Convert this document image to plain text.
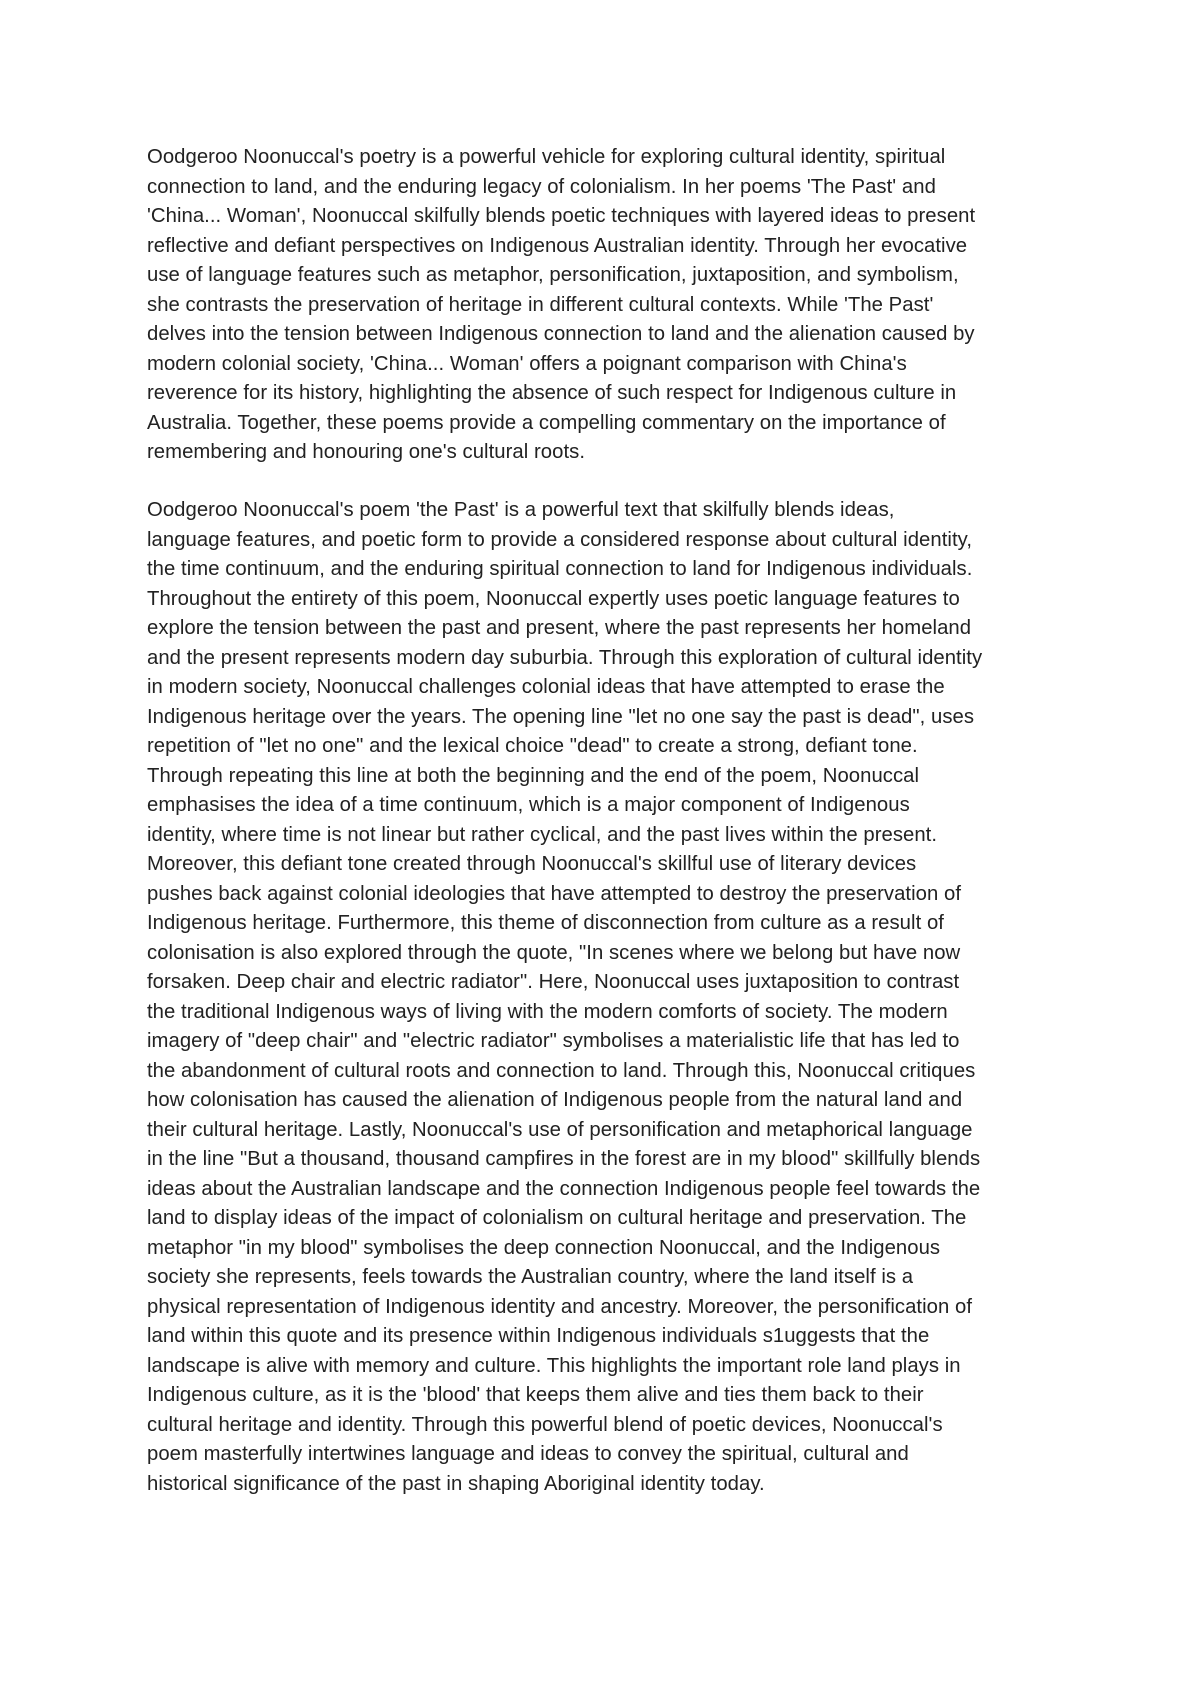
Oodgeroo Noonuccal's poetry is a powerful vehicle for exploring cultural identity, spiritual
connection to land, and the enduring legacy of colonialism. In her poems 'The Past' and
'China... Woman', Noonuccal skilfully blends poetic techniques with layered ideas to present
reflective and defiant perspectives on Indigenous Australian identity. Through her evocative
use of language features such as metaphor, personification, juxtaposition, and symbolism,
she contrasts the preservation of heritage in different cultural contexts. While 'The Past'
delves into the tension between Indigenous connection to land and the alienation caused by
modern colonial society, 'China... Woman' offers a poignant comparison with China's
reverence for its history, highlighting the absence of such respect for Indigenous culture in
Australia. Together, these poems provide a compelling commentary on the importance of
remembering and honouring one's cultural roots.
Oodgeroo Noonuccal's poem 'the Past' is a powerful text that skilfully blends ideas,
language features, and poetic form to provide a considered response about cultural identity,
the time continuum, and the enduring spiritual connection to land for Indigenous individuals.
Throughout the entirety of this poem, Noonuccal expertly uses poetic language features to
explore the tension between the past and present, where the past represents her homeland
and the present represents modern day suburbia. Through this exploration of cultural identity
in modern society, Noonuccal challenges colonial ideas that have attempted to erase the
Indigenous heritage over the years. The opening line "let no one say the past is dead", uses
repetition of "let no one" and the lexical choice "dead" to create a strong, defiant tone.
Through repeating this line at both the beginning and the end of the poem, Noonuccal
emphasises the idea of a time continuum, which is a major component of Indigenous
identity, where time is not linear but rather cyclical, and the past lives within the present.
Moreover, this defiant tone created through Noonuccal's skillful use of literary devices
pushes back against colonial ideologies that have attempted to destroy the preservation of
Indigenous heritage. Furthermore, this theme of disconnection from culture as a result of
colonisation is also explored through the quote, "In scenes where we belong but have now
forsaken. Deep chair and electric radiator". Here, Noonuccal uses juxtaposition to contrast
the traditional Indigenous ways of living with the modern comforts of society. The modern
imagery of "deep chair" and "electric radiator" symbolises a materialistic life that has led to
the abandonment of cultural roots and connection to land. Through this, Noonuccal critiques
how colonisation has caused the alienation of Indigenous people from the natural land and
their cultural heritage. Lastly, Noonuccal's use of personification and metaphorical language
in the line "But a thousand, thousand campfires in the forest are in my blood" skillfully blends
ideas about the Australian landscape and the connection Indigenous people feel towards the
land to display ideas of the impact of colonialism on cultural heritage and preservation. The
metaphor "in my blood" symbolises the deep connection Noonuccal, and the Indigenous
society she represents, feels towards the Australian country, where the land itself is a
physical representation of Indigenous identity and ancestry. Moreover, the personification of
land within this quote and its presence within Indigenous individuals s1uggests that the
landscape is alive with memory and culture. This highlights the important role land plays in
Indigenous culture, as it is the 'blood' that keeps them alive and ties them back to their
cultural heritage and identity. Through this powerful blend of poetic devices, Noonuccal's
poem masterfully intertwines language and ideas to convey the spiritual, cultural and
historical significance of the past in shaping Aboriginal identity today.
